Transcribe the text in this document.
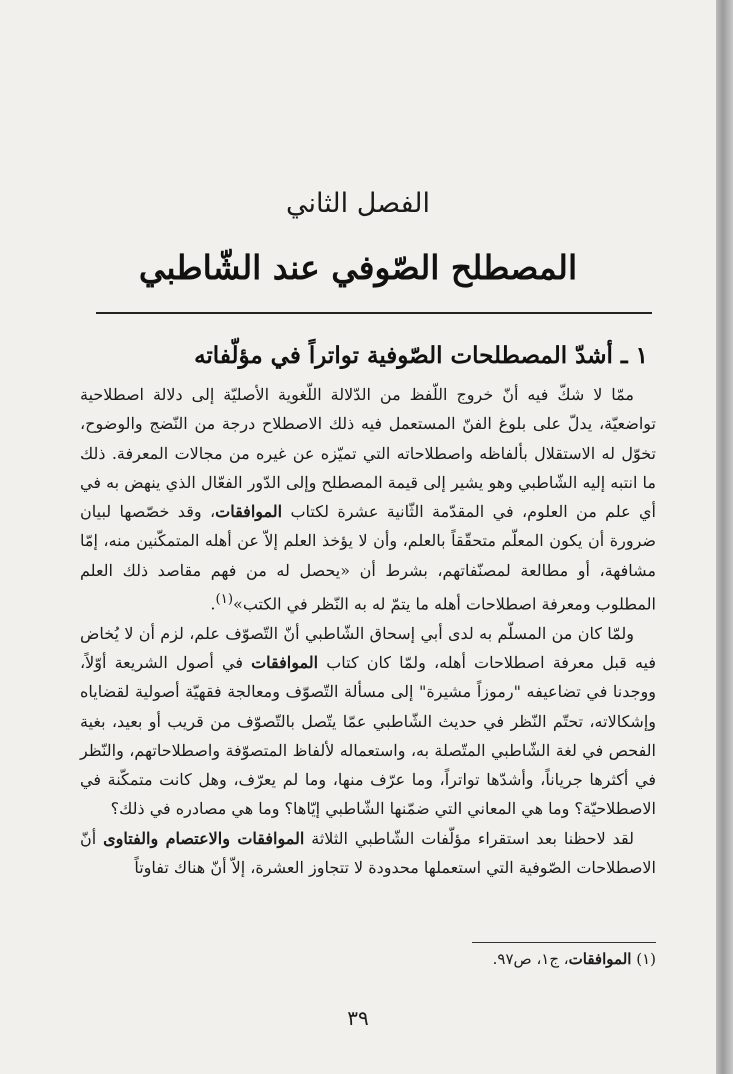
الفصل الثاني
المصطلح الصّوفي عند الشّاطبي
١ ـ أشدّ المصطلحات الصّوفية تواتراً في مؤلّفاته

ممّا لا شكّ فيه أنّ خروج اللّفظ من الدّلالة اللّغوية الأصليّة إلى دلالة اصطلاحية تواضعيّة، يدلّ على بلوغ الفنّ المستعمل فيه ذلك الاصطلاح درجة من النّضج والوضوح، تخوّل له الاستقلال بألفاظه واصطلاحاته التي تميّزه عن غيره من مجالات المعرفة. ذلك ما انتبه إليه الشّاطبي وهو يشير إلى قيمة المصطلح وإلى الدّور الفعّال الذي ينهض به في أي علم من العلوم، في المقدّمة الثّانية عشرة لكتاب الموافقات، وقد خصّصها لبيان ضرورة أن يكون المعلّم متحقّقاً بالعلم، وأن لا يؤخذ العلم إلاّ عن أهله المتمكّنين منه، إمّا مشافهة، أو مطالعة لمصنّفاتهم، بشرط أن «يحصل له من فهم مقاصد ذلك العلم المطلوب ومعرفة اصطلاحات أهله ما يتمّ له به النّظر في الكتب»$^{(١)}$.

ولمّا كان من المسلّم به لدى أبي إسحاق الشّاطبي أنّ التّصوّف علم، لزم أن لا يُخاض فيه قبل معرفة اصطلاحات أهله، ولمّا كان كتاب الموافقات في أصول الشريعة أوّلاً، ووجدنا في تضاعيفه "رموزاً مشيرة" إلى مسألة التّصوّف ومعالجة فقهيّة أصولية لقضاياه وإشكالاته، تحتّم النّظر في حديث الشّاطبي عمّا يتّصل بالتّصوّف من قريب أو بعيد، بغية الفحص في لغة الشّاطبي المتّصلة به، واستعماله لألفاظ المتصوّفة واصطلاحاتهم، والنّظر في أكثرها جرياناً، وأشدّها تواتراً، وما عرّف منها، وما لم يعرّف، وهل كانت متمكّنة في الاصطلاحيّة؟ وما هي المعاني التي ضمّنها الشّاطبي إيّاها؟ وما هي مصادره في ذلك؟

لقد لاحظنا بعد استقراء مؤلّفات الشّاطبي الثلاثة الموافقات والاعتصام والفتاوى أنّ الاصطلاحات الصّوفية التي استعملها محدودة لا تتجاوز العشرة، إلاّ أنّ هناك تفاوتاً

(١) الموافقات، ج١، ص٩٧.
٣٩
